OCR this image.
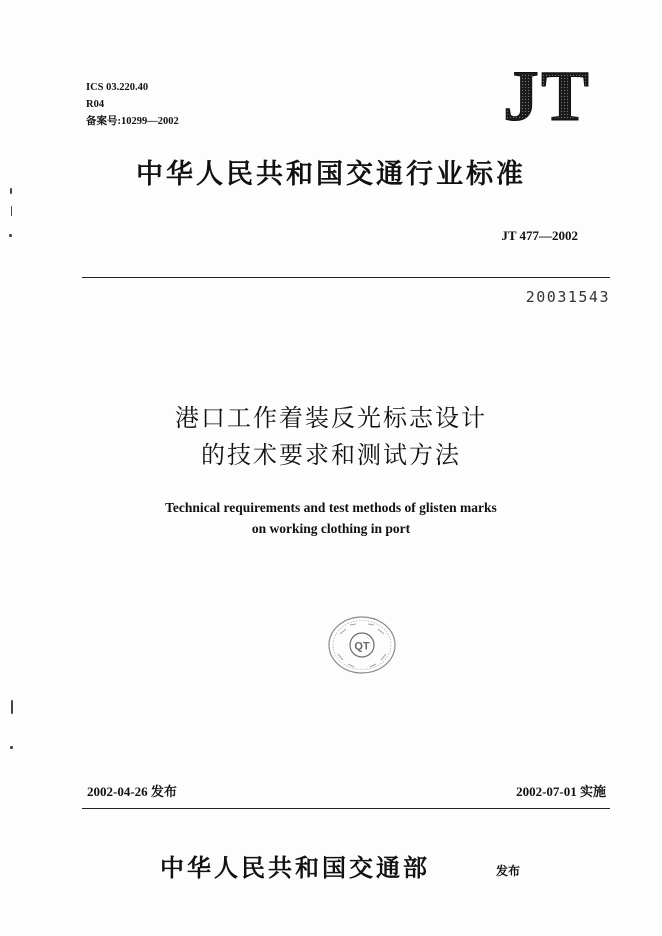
ICS 03.220.40
R04
备案号:10299—2002	JT
中华人民共和国交通行业标准
JT 477—2002
20031543
港口工作着装反光标志设计
的技术要求和测试方法
Technical requirements and test methods of glisten marks
on working clothing in port
QT
2002-04-26 发布	2002-07-01 实施
中华人民共和国交通部	发布
